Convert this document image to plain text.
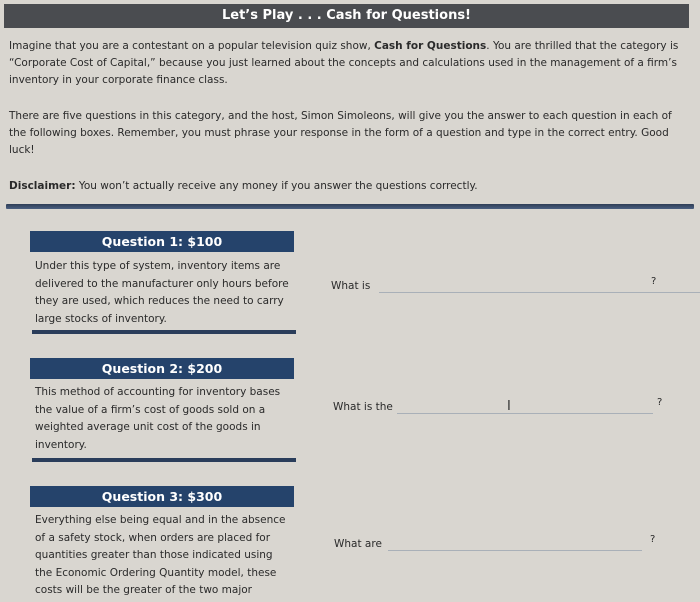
Let’s Play . . . Cash for Questions!
Imagine that you are a contestant on a popular television quiz show, Cash for Questions. You are thrilled that the category is “Corporate Cost of Capital,” because you just learned about the concepts and calculations used in the management of a firm’s inventory in your corporate finance class.
There are five questions in this category, and the host, Simon Simoleons, will give you the answer to each question in each of the following boxes. Remember, you must phrase your response in the form of a question and type in the correct entry. Good luck!
Disclaimer: You won’t actually receive any money if you answer the questions correctly.
Question 1: $100
Under this type of system, inventory items are delivered to the manufacturer only hours before they are used, which reduces the need to carry large stocks of inventory.
What is	?
Question 2: $200
This method of accounting for inventory bases the value of a firm’s cost of goods sold on a weighted average unit cost of the goods in inventory.
What is the	?
I
Question 3: $300
Everything else being equal and in the absence of a safety stock, when orders are placed for quantities greater than those indicated using the Economic Ordering Quantity model, these costs will be the greater of the two major
What are	?
